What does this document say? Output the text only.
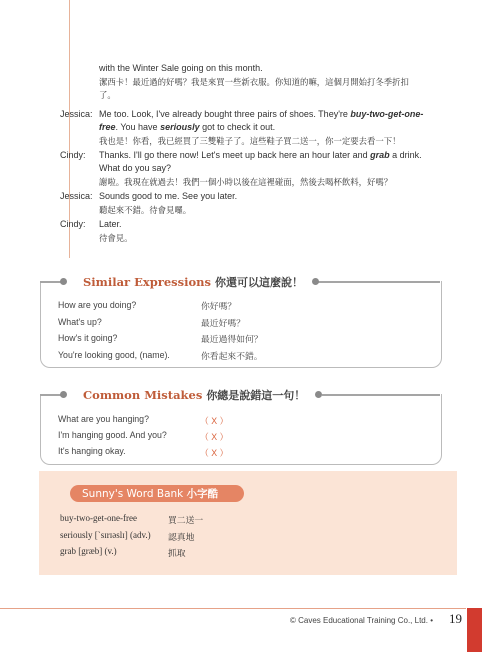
with the Winter Sale going on this month.
潔西卡！最近過的好嗎？我是來買一些新衣服。你知道的嘛，這個月開始打冬季折扣了。
Jessica: Me too. Look, I've already bought three pairs of shoes. They're buy-two-get-one-free. You have seriously got to check it out.
我也是！你看，我已經買了三雙鞋子了。這些鞋子買二送一，你一定要去看一下！
Cindy:	Thanks. I'll go there now! Let's meet up back here an hour later and grab a drink. What do you say?
謝啦。我現在就過去！我們一個小時以後在這裡碰面，然後去喝杯飲料，好嗎？
Jessica: Sounds good to me. See you later.
聽起來不錯。待會見囉。
Cindy:	Later.
待會見。
Similar Expressions 你還可以這麼說！
How are you doing?	你好嗎？
What's up?	最近好嗎？
How's it going?	最近過得如何？
You're looking good, (name).	你看起來不錯。
Common Mistakes 你總是說錯這一句！
What are you hanging?	（ X ）
I'm hanging good. And you?	（ X ）
It's hanging okay.	（ X ）
Sunny's Word Bank 小字酷
buy-two-get-one-free	買二送一
seriously [ˋsɪrɪəslɪ] (adv.) 認真地
grab [græb] (v.)	抓取
© Caves Educational Training Co., Ltd. • 19
